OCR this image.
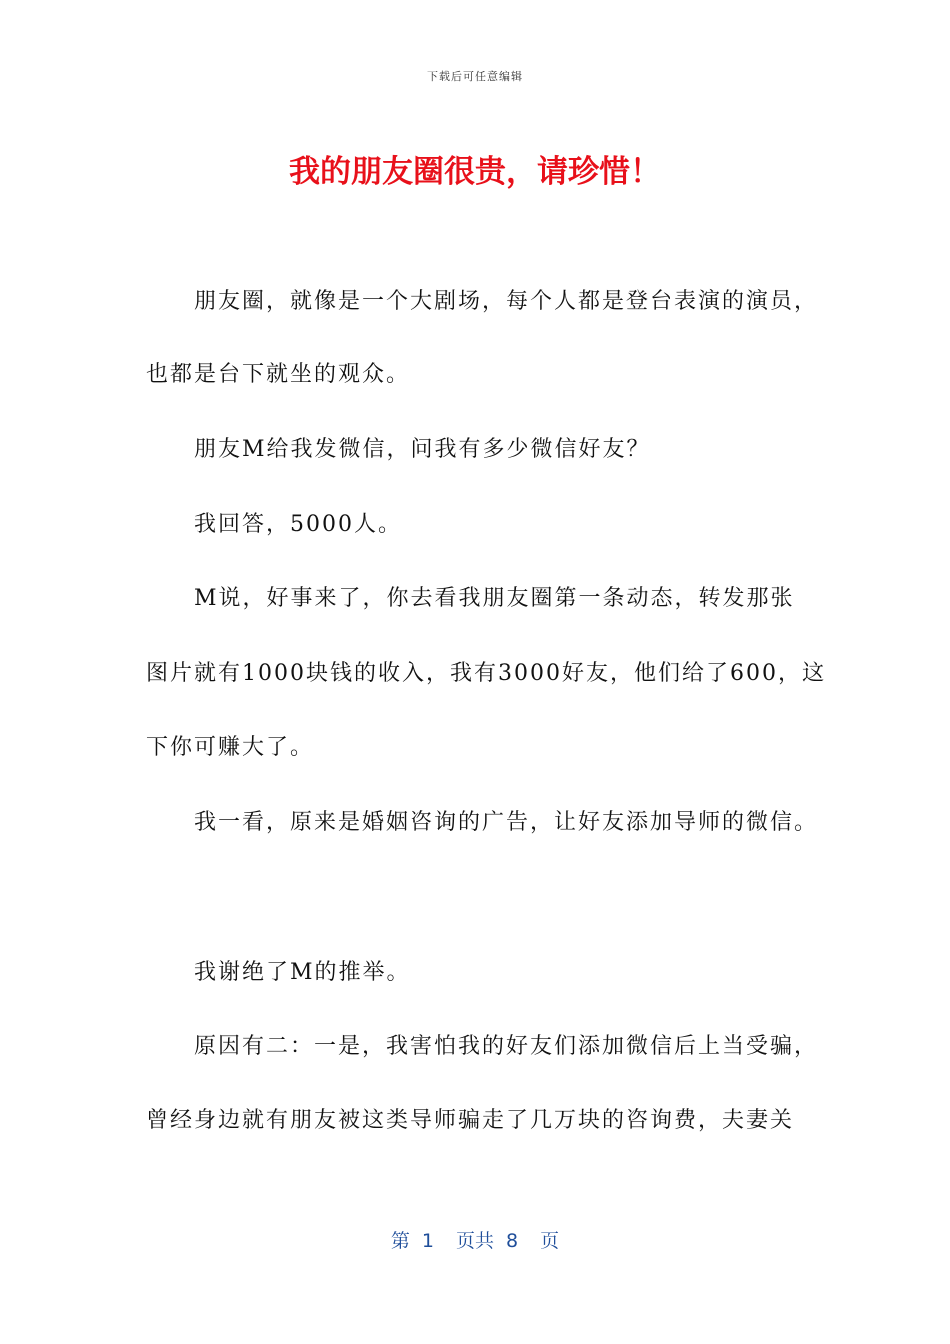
下载后可任意编辑
我的朋友圈很贵，请珍惜！
朋友圈，就像是一个大剧场，每个人都是登台表演的演员，
也都是台下就坐的观众。
朋友M给我发微信，问我有多少微信好友？
我回答，5000人。
M说，好事来了，你去看我朋友圈第一条动态，转发那张
图片就有1000块钱的收入，我有3000好友，他们给了600，这
下你可赚大了。
我一看，原来是婚姻咨询的广告，让好友添加导师的微信。
我谢绝了M的推举。
原因有二：一是，我害怕我的好友们添加微信后上当受骗，
曾经身边就有朋友被这类导师骗走了几万块的咨询费，夫妻关
第 1 页共 8 页
